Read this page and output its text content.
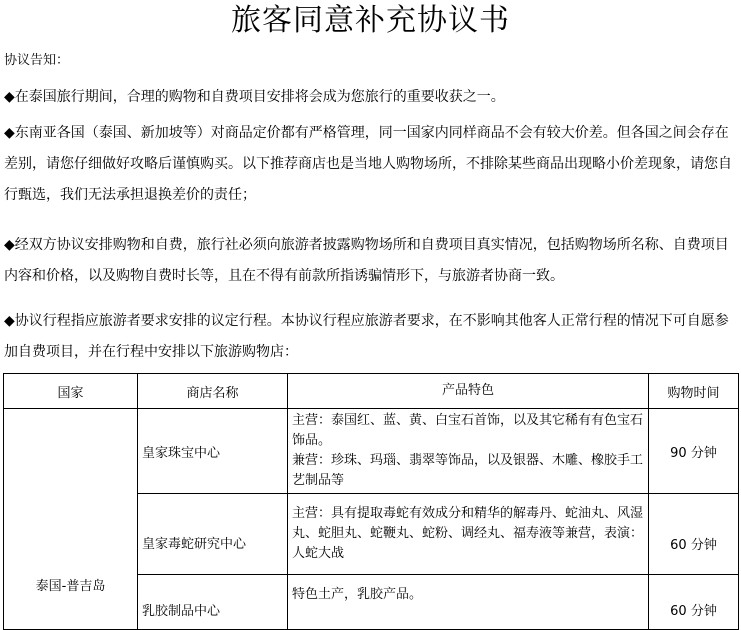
旅客同意补充协议书
协议告知：

◆在泰国旅行期间，合理的购物和自费项目安排将会成为您旅行的重要收获之一。

◆东南亚各国（泰国、新加坡等）对商品定价都有严格管理，同一国家内同样商品不会有较大价差。但各国之间会存在差别，请您仔细做好攻略后谨慎购买。以下推荐商店也是当地人购物场所，不排除某些商品出现略小价差现象，请您自行甄选，我们无法承担退换差价的责任；

◆经双方协议安排购物和自费，旅行社必须向旅游者披露购物场所和自费项目真实情况，包括购物场所名称、自费项目内容和价格，以及购物自费时长等，且在不得有前款所指诱骗情形下，与旅游者协商一致。

◆协议行程指应旅游者要求安排的议定行程。本协议行程应旅游者要求，在不影响其他客人正常行程的情况下可自愿参加自费项目，并在行程中安排以下旅游购物店：

国家	商店名称	产品特色	购物时间

泰国-普吉岛	皇家珠宝中心	主营：泰国红、蓝、黄、白宝石首饰，以及其它稀有有色宝石饰品。
兼营：珍珠、玛瑙、翡翠等饰品，以及银器、木雕、橡胶手工艺制品等	90 分钟
	皇家毒蛇研究中心	主营：具有提取毒蛇有效成分和精华的解毒丹、蛇油丸、风湿丸、蛇胆丸、蛇鞭丸、蛇粉、调经丸、福寿液等兼营，表演：人蛇大战	60 分钟
	乳胶制品中心	特色土产，乳胶产品。	60 分钟
